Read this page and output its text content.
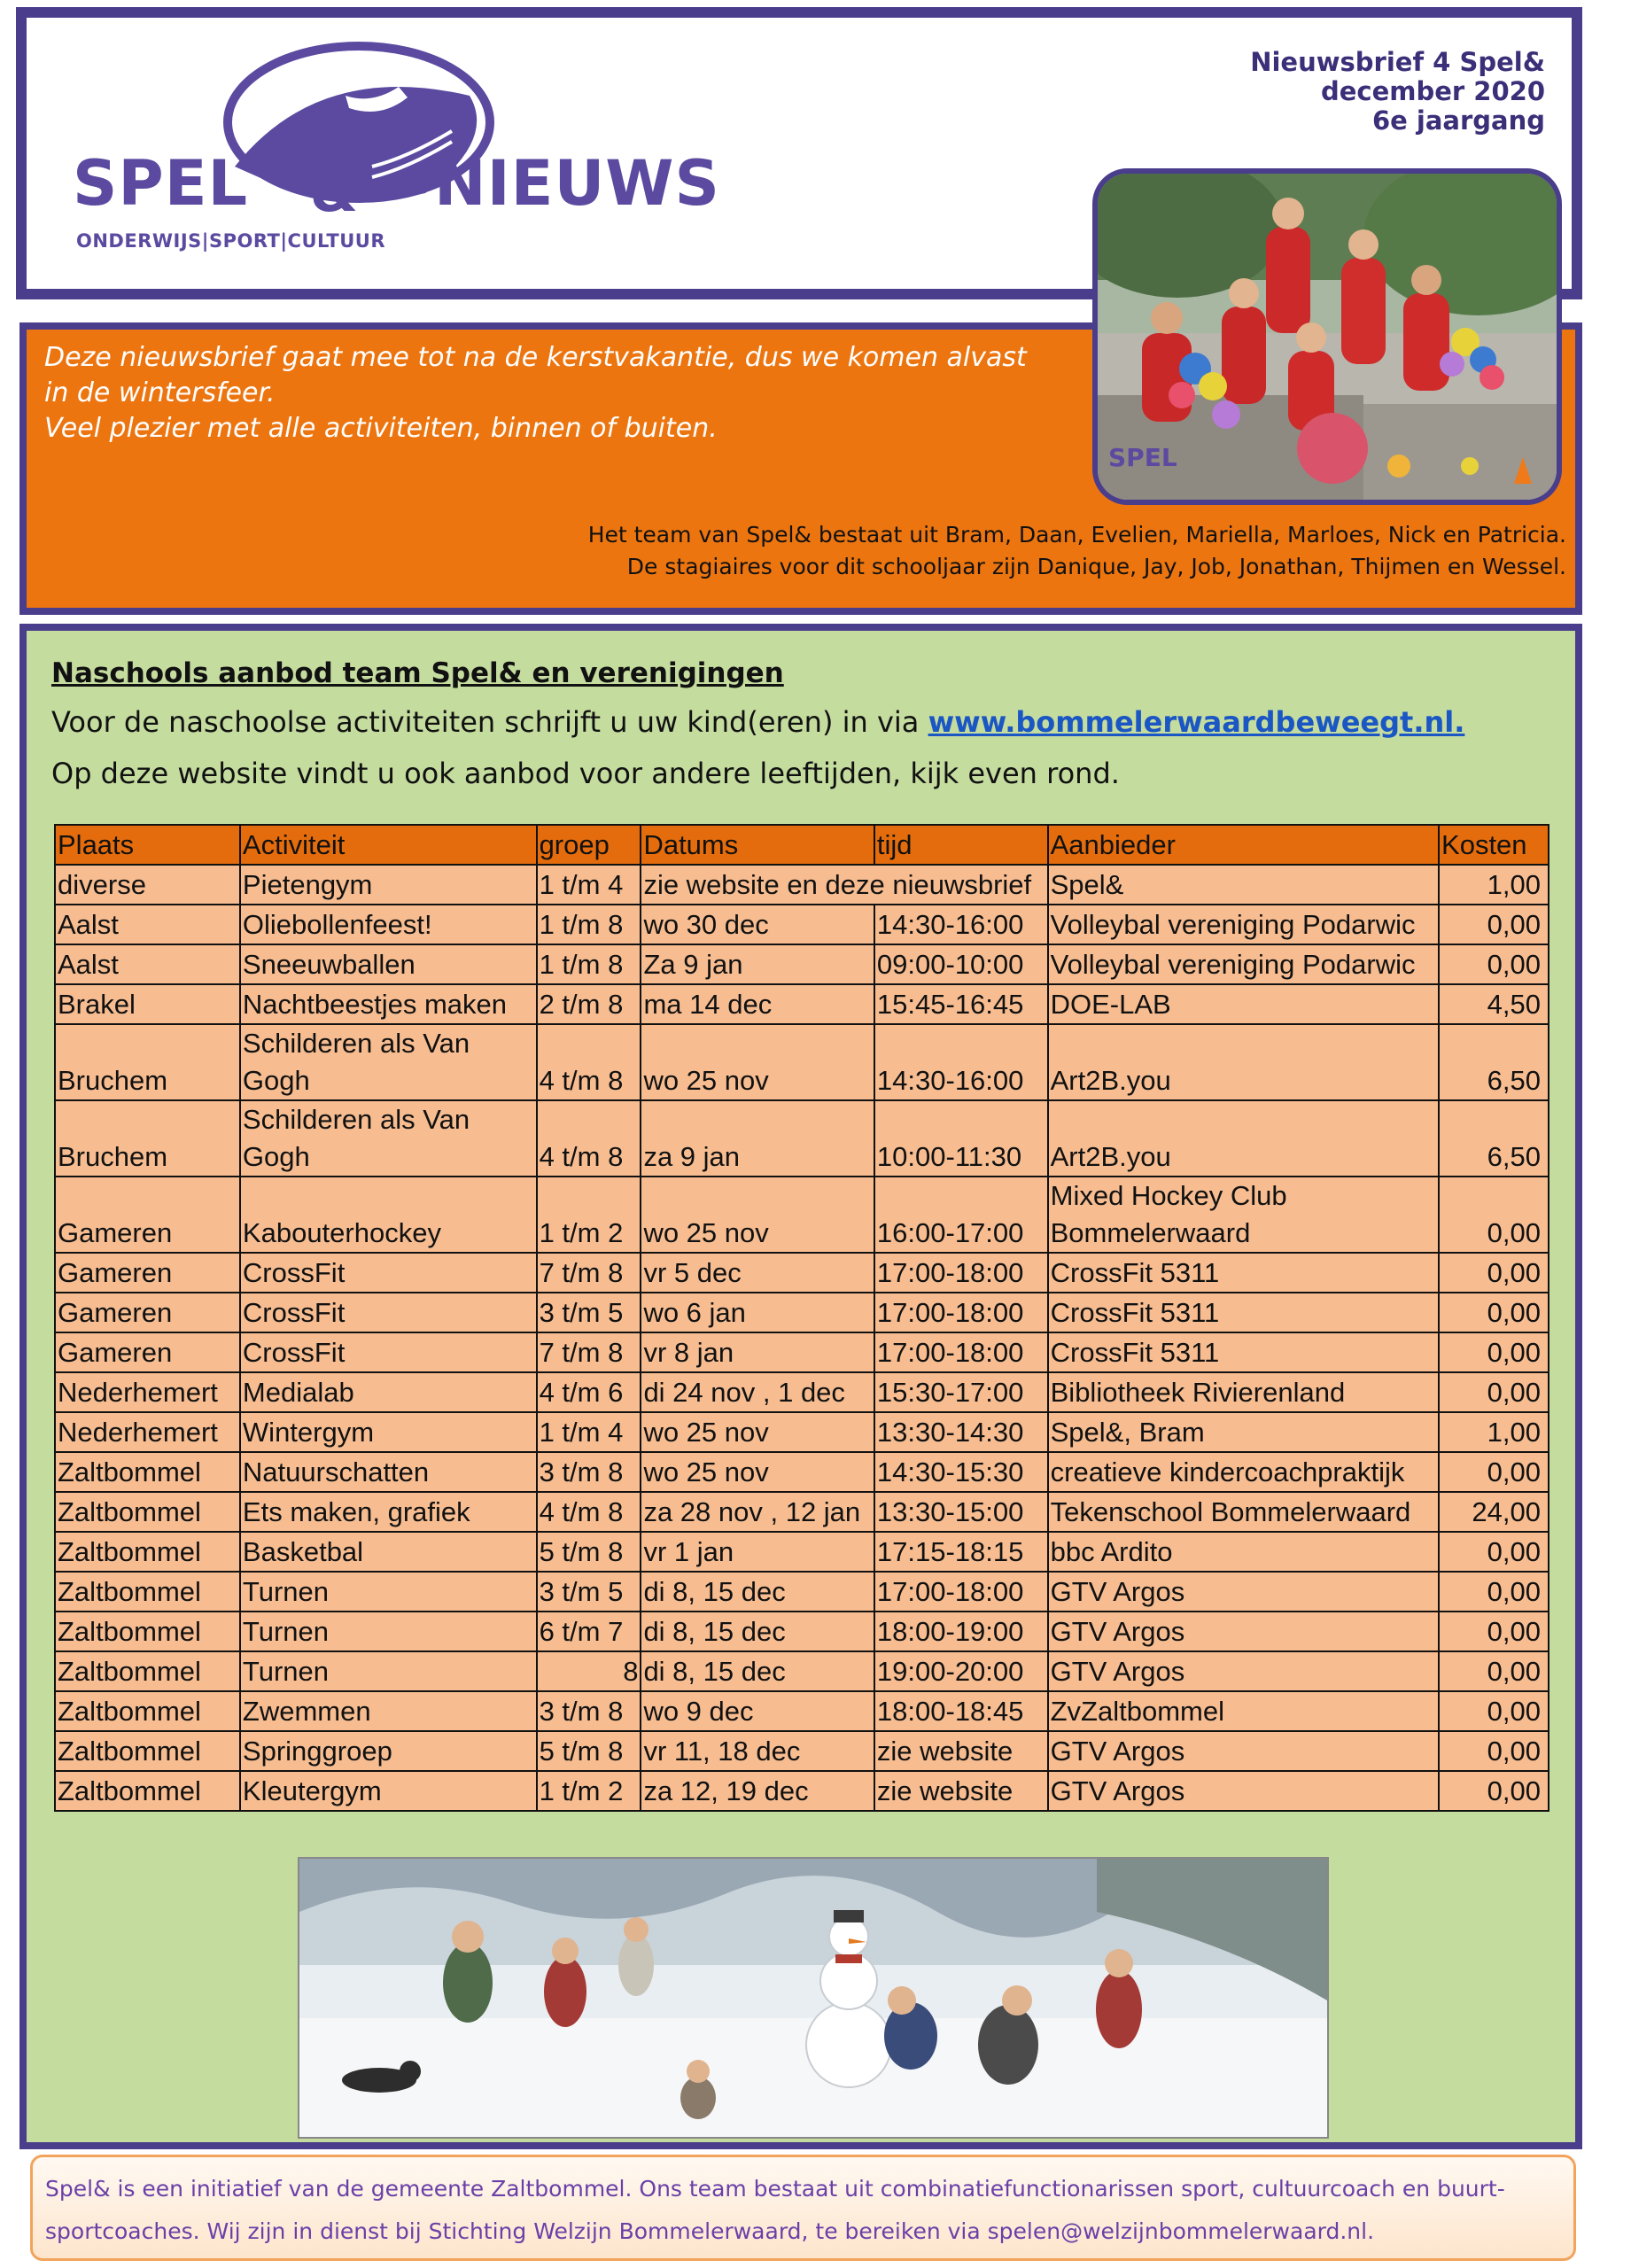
&
SPEL	NIEUWS
ONDERWIJS|SPORT|CULTUUR
Nieuwsbrief 4 Spel&
december 2020
6e jaargang
Deze nieuwsbrief gaat mee tot na de kerstvakantie, dus we komen alvast
in de wintersfeer.
Veel plezier met alle activiteiten, binnen of buiten.
Het team van Spel& bestaat uit Bram, Daan, Evelien, Mariella, Marloes, Nick en Patricia.
De stagiaires voor dit schooljaar zijn Danique, Jay, Job, Jonathan, Thijmen en Wessel.
SPEL
Naschools aanbod team Spel& en verenigingen
Voor de naschoolse activiteiten schrijft u uw kind(eren) in via www.bommelerwaardbeweegt.nl.
Op deze website vindt u ook aanbod voor andere leeftijden, kijk even rond.
Plaats	Activiteit	groep	Datums	tijd	Aanbieder	Kosten
diverse	Pietengym	1 t/m 4	zie website en deze nieuwsbrief		Spel&	1,00
Aalst	Oliebollenfeest!	1 t/m 8	wo 30 dec	14:30-16:00	Volleybal vereniging Podarwic	0,00
Aalst	Sneeuwballen	1 t/m 8	Za 9 jan	09:00-10:00	Volleybal vereniging Podarwic	0,00
Brakel	Nachtbeestjes maken	2 t/m 8	ma 14 dec	15:45-16:45	DOE-LAB	4,50
Bruchem	Schilderen als Van Gogh	4 t/m 8	wo 25 nov	14:30-16:00	Art2B.you	6,50
Bruchem	Schilderen als Van Gogh	4 t/m 8	za 9 jan	10:00-11:30	Art2B.you	6,50
Gameren	Kabouterhockey	1 t/m 2	wo 25 nov	16:00-17:00	Mixed Hockey Club Bommelerwaard	0,00
Gameren	CrossFit	7 t/m 8	vr 5 dec	17:00-18:00	CrossFit 5311	0,00
Gameren	CrossFit	3 t/m 5	wo 6 jan	17:00-18:00	CrossFit 5311	0,00
Gameren	CrossFit	7 t/m 8	vr 8 jan	17:00-18:00	CrossFit 5311	0,00
Nederhemert	Medialab	4 t/m 6	di 24 nov , 1 dec	15:30-17:00	Bibliotheek Rivierenland	0,00
Nederhemert	Wintergym	1 t/m 4	wo 25 nov	13:30-14:30	Spel&, Bram	1,00
Zaltbommel	Natuurschatten	3 t/m 8	wo 25 nov	14:30-15:30	creatieve kindercoachpraktijk	0,00
Zaltbommel	Ets maken, grafiek	4 t/m 8	za 28 nov , 12 jan	13:30-15:00	Tekenschool Bommelerwaard	24,00
Zaltbommel	Basketbal	5 t/m 8	vr 1 jan	17:15-18:15	bbc Ardito	0,00
Zaltbommel	Turnen	3 t/m 5	di 8, 15 dec	17:00-18:00	GTV Argos	0,00
Zaltbommel	Turnen	6 t/m 7	di 8, 15 dec	18:00-19:00	GTV Argos	0,00
Zaltbommel	Turnen	8	di 8, 15 dec	19:00-20:00	GTV Argos	0,00
Zaltbommel	Zwemmen	3 t/m 8	wo 9 dec	18:00-18:45	ZvZaltbommel	0,00
Zaltbommel	Springgroep	5 t/m 8	vr 11, 18 dec	zie website	GTV Argos	0,00
Zaltbommel	Kleutergym	1 t/m 2	za 12, 19 dec	zie website	GTV Argos	0,00
Spel& is een initiatief van de gemeente Zaltbommel. Ons team bestaat uit combinatiefunctionarissen sport, cultuurcoach en buurt-
sportcoaches. Wij zijn in dienst bij Stichting Welzijn Bommelerwaard, te bereiken via spelen@welzijnbommelerwaard.nl.
